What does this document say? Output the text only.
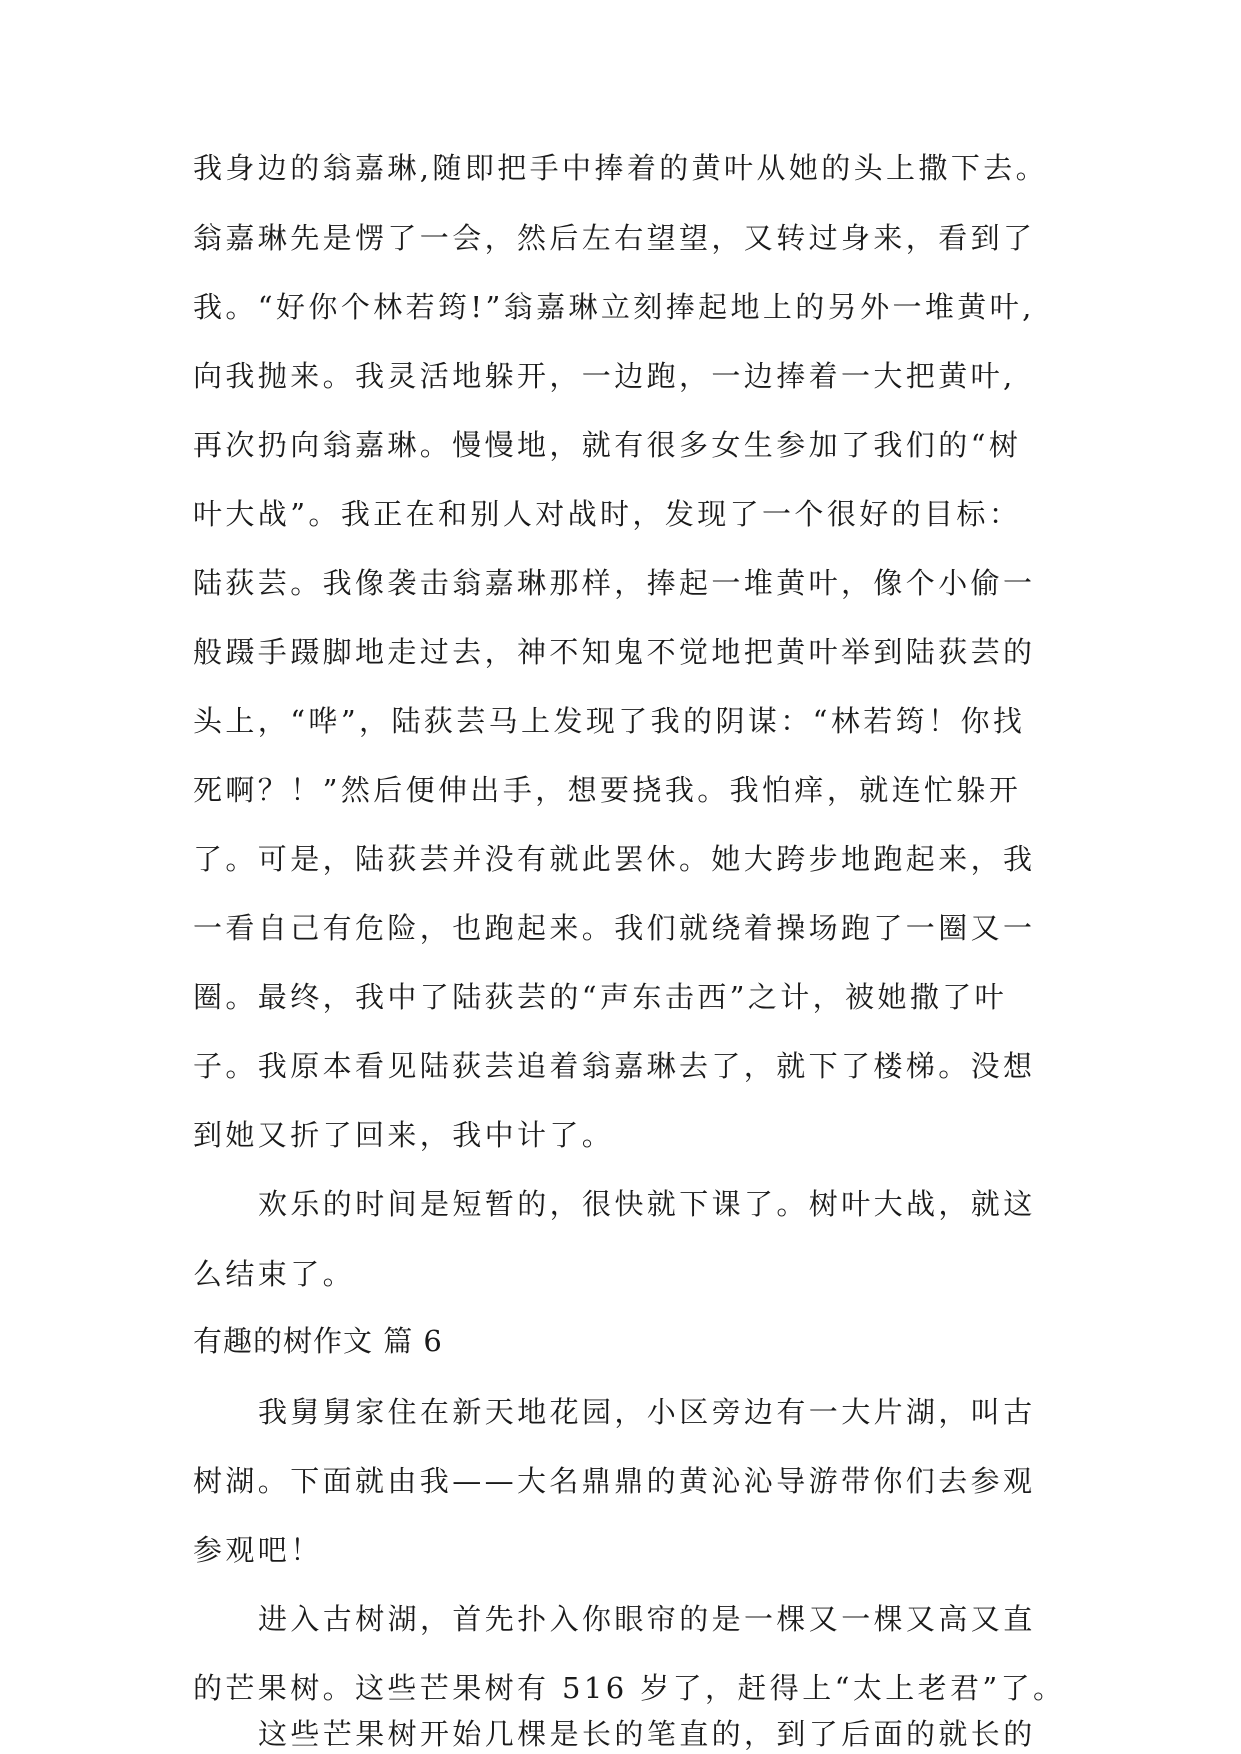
我身边的翁嘉琳,随即把手中捧着的黄叶从她的头上撒下去。
翁嘉琳先是愣了一会，然后左右望望，又转过身来，看到了
我。“好你个林若筠!”翁嘉琳立刻捧起地上的另外一堆黄叶,
向我抛来。我灵活地躲开，一边跑，一边捧着一大把黄叶,
再次扔向翁嘉琳。慢慢地，就有很多女生参加了我们的“树
叶大战”。我正在和别人对战时，发现了一个很好的目标：
陆荻芸。我像袭击翁嘉琳那样，捧起一堆黄叶，像个小偷一
般蹑手蹑脚地走过去，神不知鬼不觉地把黄叶举到陆荻芸的
头上，“哗”，陆荻芸马上发现了我的阴谋：“林若筠！你找
死啊？！”然后便伸出手，想要挠我。我怕痒，就连忙躲开
了。可是，陆荻芸并没有就此罢休。她大跨步地跑起来，我
一看自己有危险，也跑起来。我们就绕着操场跑了一圈又一
圈。最终，我中了陆荻芸的“声东击西”之计，被她撒了叶
子。我原本看见陆荻芸追着翁嘉琳去了，就下了楼梯。没想
到她又折了回来，我中计了。
欢乐的时间是短暂的，很快就下课了。树叶大战，就这
么结束了。
有趣的树作文 篇 6
我舅舅家住在新天地花园，小区旁边有一大片湖，叫古
树湖。下面就由我——大名鼎鼎的黄沁沁导游带你们去参观
参观吧！
进入古树湖，首先扑入你眼帘的是一棵又一棵又高又直
的芒果树。这些芒果树有 516 岁了，赶得上“太上老君”了。
这些芒果树开始几棵是长的笔直的，到了后面的就长的
